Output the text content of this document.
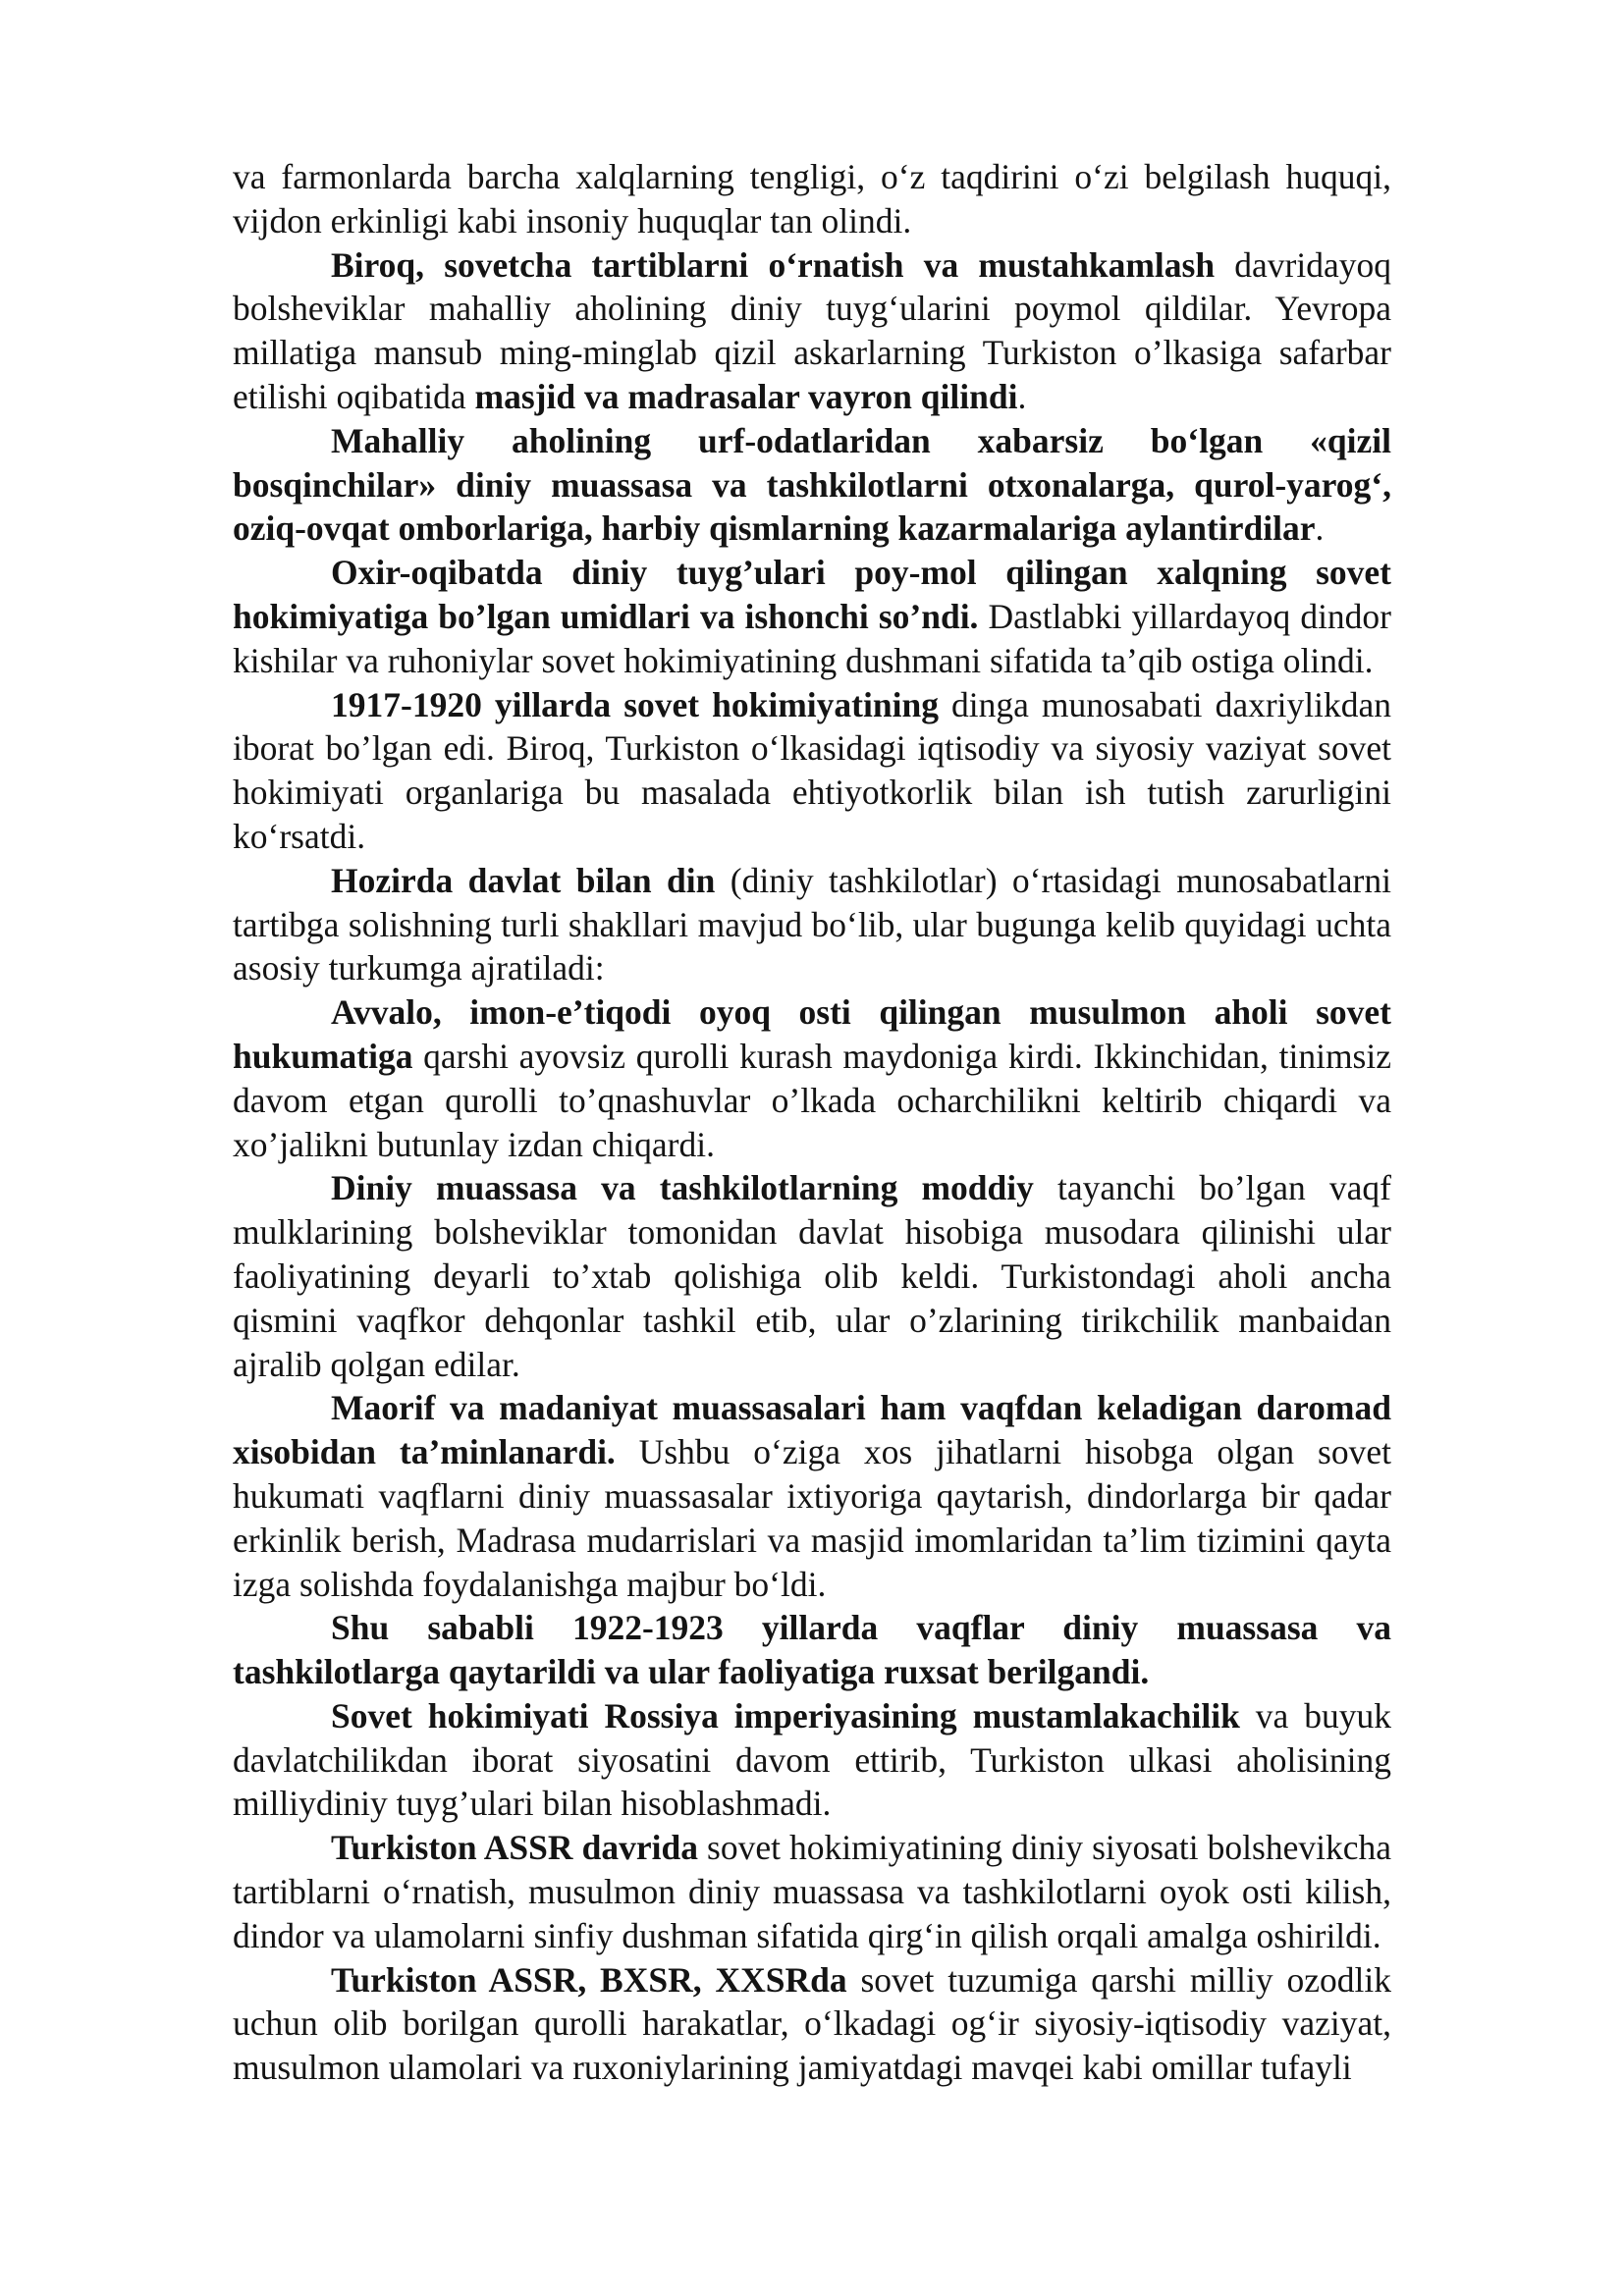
va farmonlarda barcha xalqlarning tengligi, o‘z taqdirini o‘zi belgilash huquqi, vijdon erkinligi kabi insoniy huquqlar tan olindi.

Biroq, sovetcha tartiblarni o‘rnatish va mustahkamlash davridayoq bolsheviklar mahalliy aholining diniy tuyg‘ularini poymol qildilar. Yevropa millatiga mansub ming-minglab qizil askarlarning Turkiston o’lkasiga safarbar etilishi oqibatida masjid va madrasalar vayron qilindi.

Mahalliy aholining urf-odatlaridan xabarsiz bo‘lgan «qizil bosqinchilar» diniy muassasa va tashkilotlarni otxonalarga, qurol-yarog‘, oziq-ovqat omborlariga, harbiy qismlarning kazarmalariga aylantirdilar.

Oxir-oqibatda diniy tuyg’ulari poy-mol qilingan xalqning sovet hokimiyatiga bo’lgan umidlari va ishonchi so’ndi. Dastlabki yillardayoq dindor kishilar va ruhoniylar sovet hokimiyatining dushmani sifatida ta’qib ostiga olindi.

1917-1920 yillarda sovet hokimiyatining dinga munosabati daxriylikdan iborat bo’lgan edi. Biroq, Turkiston o‘lkasidagi iqtisodiy va siyosiy vaziyat sovet hokimiyati organlariga bu masalada ehtiyotkorlik bilan ish tutish zarurligini ko‘rsatdi.

Hozirda davlat bilan din (diniy tashkilotlar) o‘rtasidagi munosabatlarni tartibga solishning turli shakllari mavjud bo‘lib, ular bugunga kelib quyidagi uchta asosiy turkumga ajratiladi:

Avvalo, imon-e’tiqodi oyoq osti qilingan musulmon aholi sovet hukumatiga qarshi ayovsiz qurolli kurash maydoniga kirdi. Ikkinchidan, tinimsiz davom etgan qurolli to’qnashuvlar o’lkada ocharchilikni keltirib chiqardi va xo’jalikni butunlay izdan chiqardi.

Diniy muassasa va tashkilotlarning moddiy tayanchi bo’lgan vaqf mulklarining bolsheviklar tomonidan davlat hisobiga musodara qilinishi ular faoliyatining deyarli to’xtab qolishiga olib keldi. Turkistondagi aholi ancha qismini vaqfkor dehqonlar tashkil etib, ular o’zlarining tirikchilik manbaidan ajralib qolgan edilar.

Maorif va madaniyat muassasalari ham vaqfdan keladigan daromad xisobidan ta’minlanardi. Ushbu o‘ziga xos jihatlarni hisobga olgan sovet hukumati vaqflarni diniy muassasalar ixtiyoriga qaytarish, dindorlarga bir qadar erkinlik berish, Madrasa mudarrislari va masjid imomlaridan ta’lim tizimini qayta izga solishda foydalanishga majbur bo‘ldi.

Shu sababli 1922-1923 yillarda vaqflar diniy muassasa va tashkilotlarga qaytarildi va ular faoliyatiga ruxsat berilgandi.

Sovet hokimiyati Rossiya imperiyasining mustamlakachilik va buyuk davlatchilikdan iborat siyosatini davom ettirib, Turkiston ulkasi aholisining milliydiniy tuyg’ulari bilan hisoblashmadi.

Turkiston ASSR davrida sovet hokimiyatining diniy siyosati bolshevikcha tartiblarni o‘rnatish, musulmon diniy muassasa va tashkilotlarni oyok osti kilish, dindor va ulamolarni sinfiy dushman sifatida qirg‘in qilish orqali amalga oshirildi.

Turkiston ASSR, BXSR, XXSRda sovet tuzumiga qarshi milliy ozodlik uchun olib borilgan qurolli harakatlar, o‘lkadagi og‘ir siyosiy-iqtisodiy vaziyat, musulmon ulamolari va ruxoniylarining jamiyatdagi mavqei kabi omillar tufayli
